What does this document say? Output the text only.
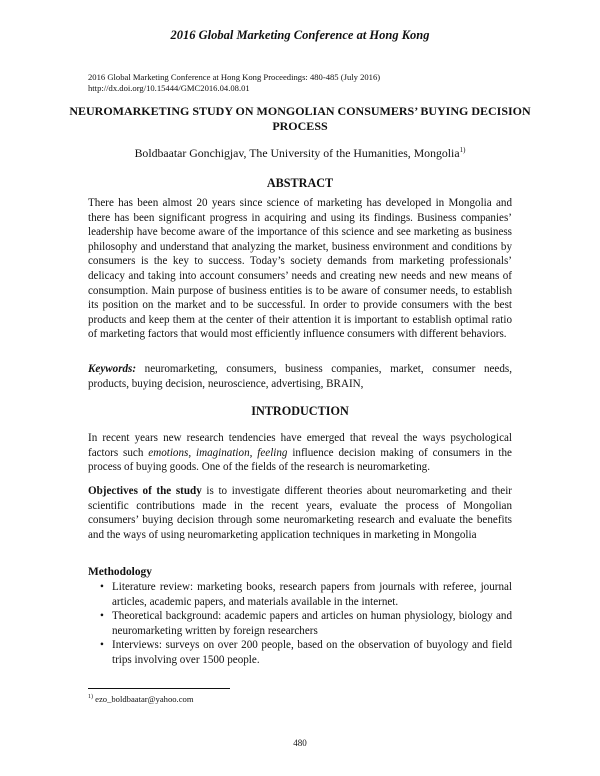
2016 Global Marketing Conference at Hong Kong
2016 Global Marketing Conference at Hong Kong Proceedings: 480-485 (July 2016)
http://dx.doi.org/10.15444/GMC2016.04.08.01
NEUROMARKETING STUDY ON MONGOLIAN CONSUMERS’ BUYING DECISION PROCESS
Boldbaatar Gonchigjav, The University of the Humanities, Mongolia$^{1)}$
ABSTRACT
There has been almost 20 years since science of marketing has developed in Mongolia and there has been significant progress in acquiring and using its findings. Business companies’ leadership have become aware of the importance of this science and see marketing as business philosophy and understand that analyzing the market, business environment and conditions by consumers is the key to success. Today’s society demands from marketing professionals’ delicacy and taking into account consumers’ needs and creating new needs and new means of consumption. Main purpose of business entities is to be aware of consumer needs, to establish its position on the market and to be successful. In order to provide consumers with the best products and keep them at the center of their attention it is important to establish optimal ratio of marketing factors that would most efficiently influence consumers with different behaviors.
Keywords: neuromarketing, consumers, business companies, market, consumer needs, products, buying decision, neuroscience, advertising, BRAIN,
INTRODUCTION
In recent years new research tendencies have emerged that reveal the ways psychological factors such emotions, imagination, feeling influence decision making of consumers in the process of buying goods. One of the fields of the research is neuromarketing.
Objectives of the study is to investigate different theories about neuromarketing and their scientific contributions made in the recent years, evaluate the process of Mongolian consumers’ buying decision through some neuromarketing research and evaluate the benefits and the ways of using neuromarketing application techniques in marketing in Mongolia
Methodology
• Literature review: marketing books, research papers from journals with referee, journal articles, academic papers, and materials available in the internet.
• Theoretical background: academic papers and articles on human physiology, biology and neuromarketing written by foreign researchers
• Interviews: surveys on over 200 people, based on the observation of buyology and field trips involving over 1500 people.
$^{1)}$ ezo_boldbaatar@yahoo.com
480
